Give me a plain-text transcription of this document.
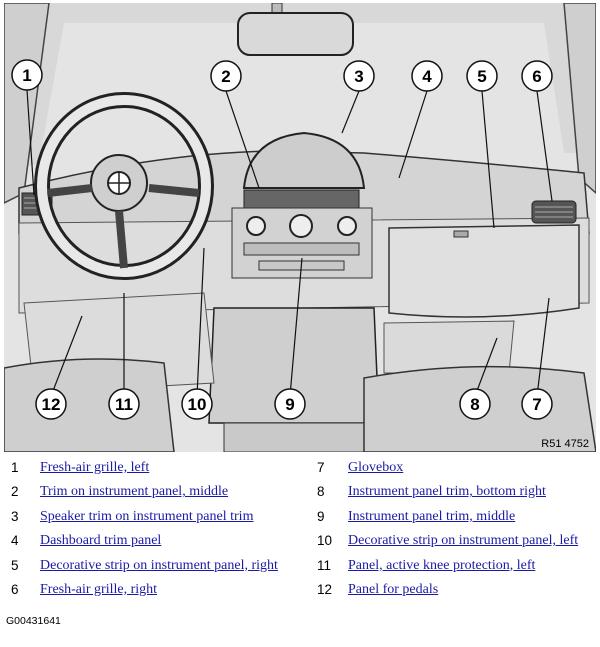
1	2	3	4	5	6
7
8
9
10
11
12
R51 4752
1 Fresh-air grille, left
2 Trim on instrument panel, middle
3 Speaker trim on instrument panel trim
4 Dashboard trim panel
5 Decorative strip on instrument panel, right
6 Fresh-air grille, right
7 Glovebox
8 Instrument panel trim, bottom right
9 Instrument panel trim, middle
10 Decorative strip on instrument panel, left
11 Panel, active knee protection, left
12 Panel for pedals
G00431641
